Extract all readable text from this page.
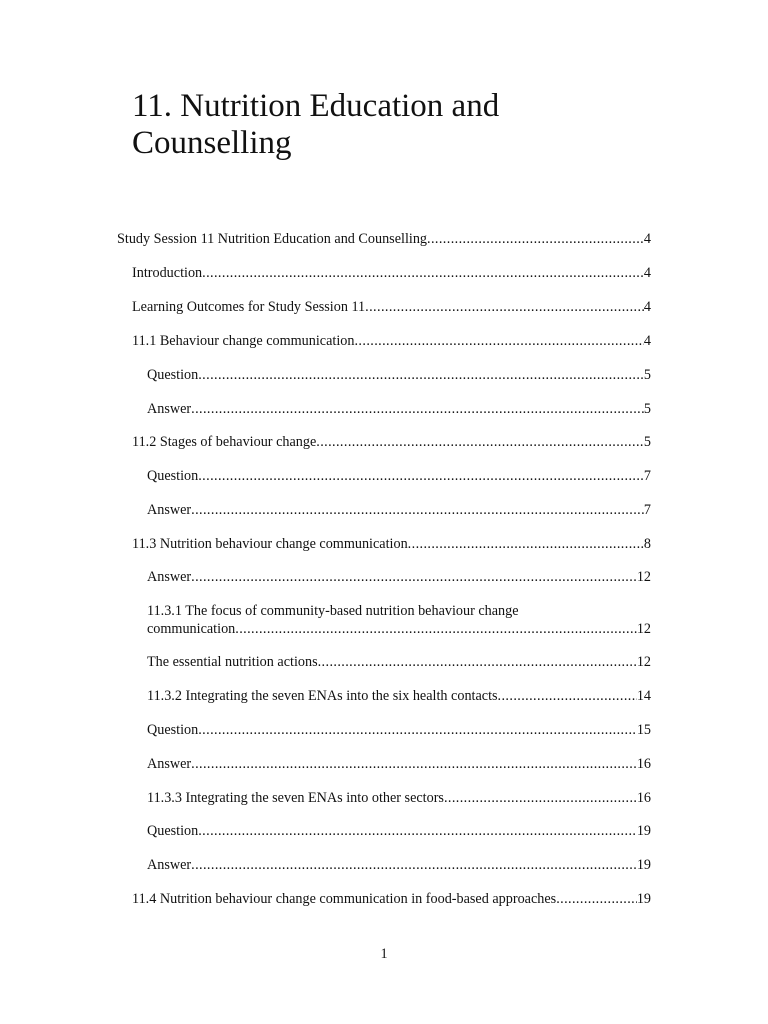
11. Nutrition Education and Counselling
Study Session 11 Nutrition Education and Counselling .....	4
Introduction .....	4
Learning Outcomes for Study Session 11 .....	4
11.1 Behaviour change communication .....	4
Question .....	5
Answer .....	5
11.2 Stages of behaviour change .....	5
Question .....	7
Answer .....	7
11.3 Nutrition behaviour change communication .....	8
Answer .....	12
11.3.1 The focus of community-based nutrition behaviour change
communication .....	12
The essential nutrition actions .....	12
11.3.2 Integrating the seven ENAs into the six health contacts .....	14
Question .....	15
Answer .....	16
11.3.3 Integrating the seven ENAs into other sectors .....	16
Question .....	19
Answer .....	19
11.4 Nutrition behaviour change communication in food-based approaches .....	19
1
